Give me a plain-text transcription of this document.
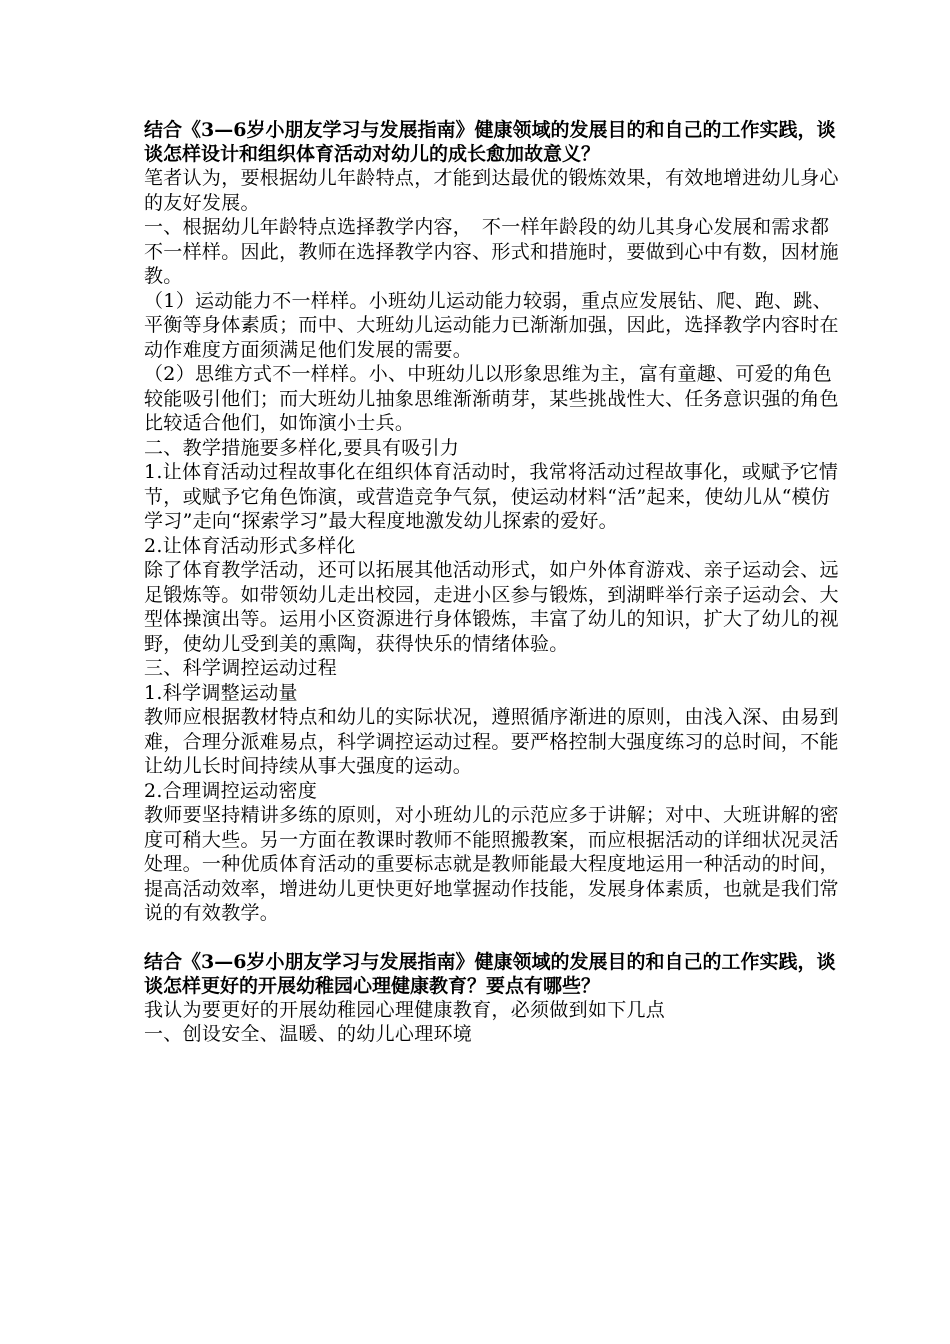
结合《3—6岁小朋友学习与发展指南》健康领域的发展目的和自己的工作实践，谈谈怎样设计和组织体育活动对幼儿的成长愈加故意义？

笔者认为，要根据幼儿年龄特点，才能到达最优的锻炼效果，有效地增进幼儿身心的友好发展。

一、根据幼儿年龄特点选择教学内容，　不一样年龄段的幼儿其身心发展和需求都不一样样。因此，教师在选择教学内容、形式和措施时，要做到心中有数，因材施教。

（1）运动能力不一样样。小班幼儿运动能力较弱，重点应发展钻、爬、跑、跳、平衡等身体素质；而中、大班幼儿运动能力已渐渐加强，因此，选择教学内容时在动作难度方面须满足他们发展的需要。

（2）思维方式不一样样。小、中班幼儿以形象思维为主，富有童趣、可爱的角色较能吸引他们；而大班幼儿抽象思维渐渐萌芽，某些挑战性大、任务意识强的角色比较适合他们，如饰演小士兵。

二、教学措施要多样化,要具有吸引力

1.让体育活动过程故事化在组织体育活动时，我常将活动过程故事化，或赋予它情节，或赋予它角色饰演，或营造竞争气氛，使运动材料“活”起来，使幼儿从“模仿学习”走向“探索学习”最大程度地激发幼儿探索的爱好。

2.让体育活动形式多样化

除了体育教学活动，还可以拓展其他活动形式，如户外体育游戏、亲子运动会、远足锻炼等。如带领幼儿走出校园，走进小区参与锻炼，到湖畔举行亲子运动会、大型体操演出等。运用小区资源进行身体锻炼，丰富了幼儿的知识，扩大了幼儿的视野，使幼儿受到美的熏陶，获得快乐的情绪体验。

三、科学调控运动过程

1.科学调整运动量

教师应根据教材特点和幼儿的实际状况，遵照循序渐进的原则，由浅入深、由易到难，合理分派难易点，科学调控运动过程。要严格控制大强度练习的总时间，不能让幼儿长时间持续从事大强度的运动。

2.合理调控运动密度

教师要坚持精讲多练的原则，对小班幼儿的示范应多于讲解；对中、大班讲解的密度可稍大些。另一方面在教课时教师不能照搬教案，而应根据活动的详细状况灵活处理。一种优质体育活动的重要标志就是教师能最大程度地运用一种活动的时间，提高活动效率，增进幼儿更快更好地掌握动作技能，发展身体素质，也就是我们常说的有效教学。

结合《3—6岁小朋友学习与发展指南》健康领域的发展目的和自己的工作实践，谈谈怎样更好的开展幼稚园心理健康教育？要点有哪些？

我认为要更好的开展幼稚园心理健康教育，必须做到如下几点

一、创设安全、温暖、的幼儿心理环境
